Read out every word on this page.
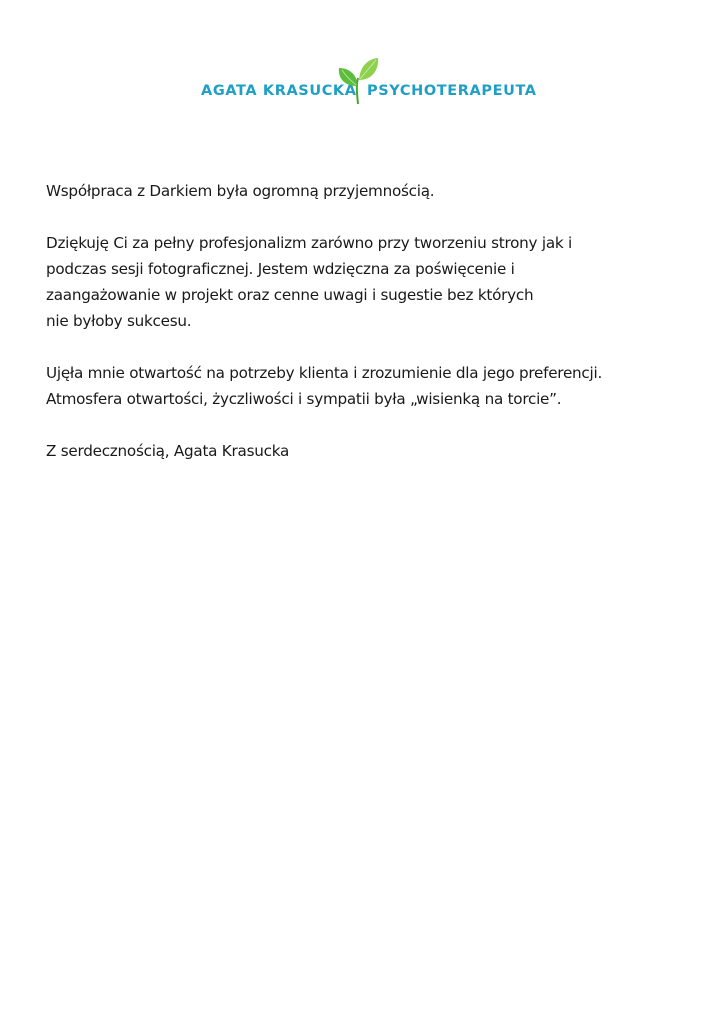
AGATA KRASUCKA PSYCHOTERAPEUTA

Współpraca z Darkiem była ogromną przyjemnością.

Dziękuję Ci za pełny profesjonalizm zarówno przy tworzeniu strony jak i
podczas sesji fotograficznej. Jestem wdzięczna za poświęcenie i
zaangażowanie w projekt oraz cenne uwagi i sugestie bez których
nie byłoby sukcesu.

Ujęła mnie otwartość na potrzeby klienta i zrozumienie dla jego preferencji.
Atmosfera otwartości, życzliwości i sympatii była „wisienką na torcie”.

Z serdecznością, Agata Krasucka
